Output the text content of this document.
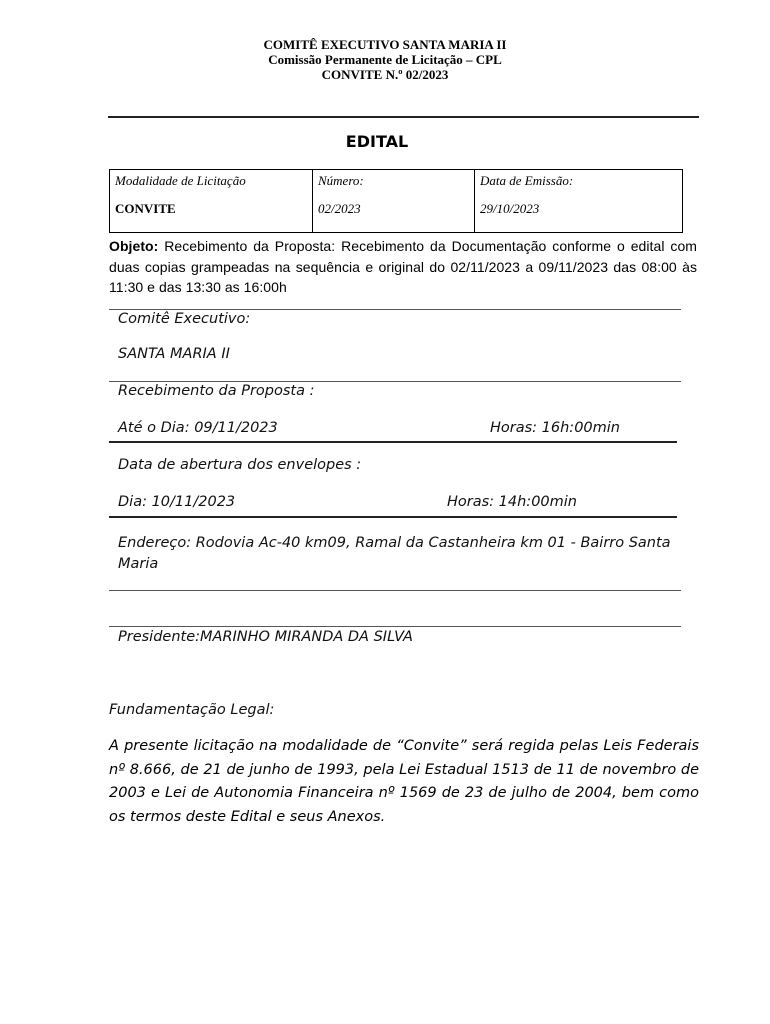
COMITÊ EXECUTIVO SANTA MARIA II
Comissão Permanente de Licitação – CPL
CONVITE N.º 02/2023
EDITAL
Modalidade de Licitação
CONVITE

Número:
02/2023

Data de Emissão:
29/10/2023
Objeto: Recebimento da Proposta: Recebimento da Documentação conforme o edital com duas copias grampeadas na sequência e original do 02/11/2023 a 09/11/2023 das 08:00 às 11:30 e das 13:30 as 16:00h
Comitê Executivo:
SANTA MARIA II
Recebimento da Proposta :
Até o Dia: 09/11/2023	Horas: 16h:00min
Data de abertura dos envelopes :
Dia: 10/11/2023	Horas: 14h:00min
Endereço: Rodovia Ac-40 km09, Ramal da Castanheira km 01 - Bairro Santa Maria
Presidente:MARINHO MIRANDA DA SILVA
Fundamentação Legal:
A presente licitação na modalidade de “Convite” será regida pelas Leis Federais nº 8.666, de 21 de junho de 1993, pela Lei Estadual 1513 de 11 de novembro de 2003 e Lei de Autonomia Financeira nº 1569 de 23 de julho de 2004, bem como os termos deste Edital e seus Anexos.
